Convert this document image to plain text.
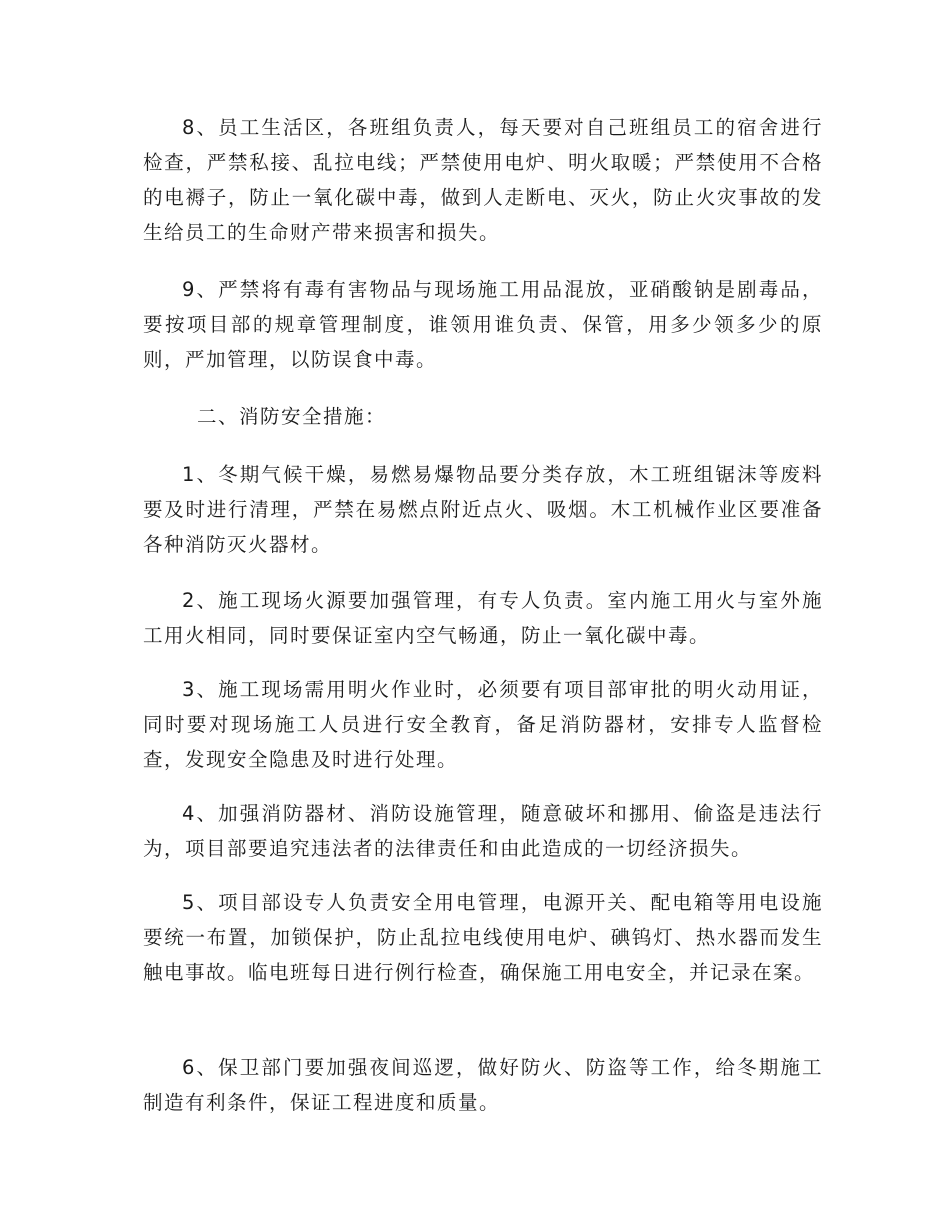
8、员工生活区，各班组负责人，每天要对自己班组员工的宿舍进行检查，严禁私接、乱拉电线；严禁使用电炉、明火取暖；严禁使用不合格的电褥子，防止一氧化碳中毒，做到人走断电、灭火，防止火灾事故的发生给员工的生命财产带来损害和损失。

9、严禁将有毒有害物品与现场施工用品混放，亚硝酸钠是剧毒品，要按项目部的规章管理制度，谁领用谁负责、保管，用多少领多少的原则，严加管理，以防误食中毒。

二、消防安全措施：

1、冬期气候干燥，易燃易爆物品要分类存放，木工班组锯沫等废料要及时进行清理，严禁在易燃点附近点火、吸烟。木工机械作业区要准备各种消防灭火器材。

2、施工现场火源要加强管理，有专人负责。室内施工用火与室外施工用火相同，同时要保证室内空气畅通，防止一氧化碳中毒。

3、施工现场需用明火作业时，必须要有项目部审批的明火动用证，同时要对现场施工人员进行安全教育，备足消防器材，安排专人监督检查，发现安全隐患及时进行处理。

4、加强消防器材、消防设施管理，随意破坏和挪用、偷盗是违法行为，项目部要追究违法者的法律责任和由此造成的一切经济损失。

5、项目部设专人负责安全用电管理，电源开关、配电箱等用电设施要统一布置，加锁保护，防止乱拉电线使用电炉、碘钨灯、热水器而发生触电事故。临电班每日进行例行检查，确保施工用电安全，并记录在案。

6、保卫部门要加强夜间巡逻，做好防火、防盗等工作，给冬期施工制造有利条件，保证工程进度和质量。
